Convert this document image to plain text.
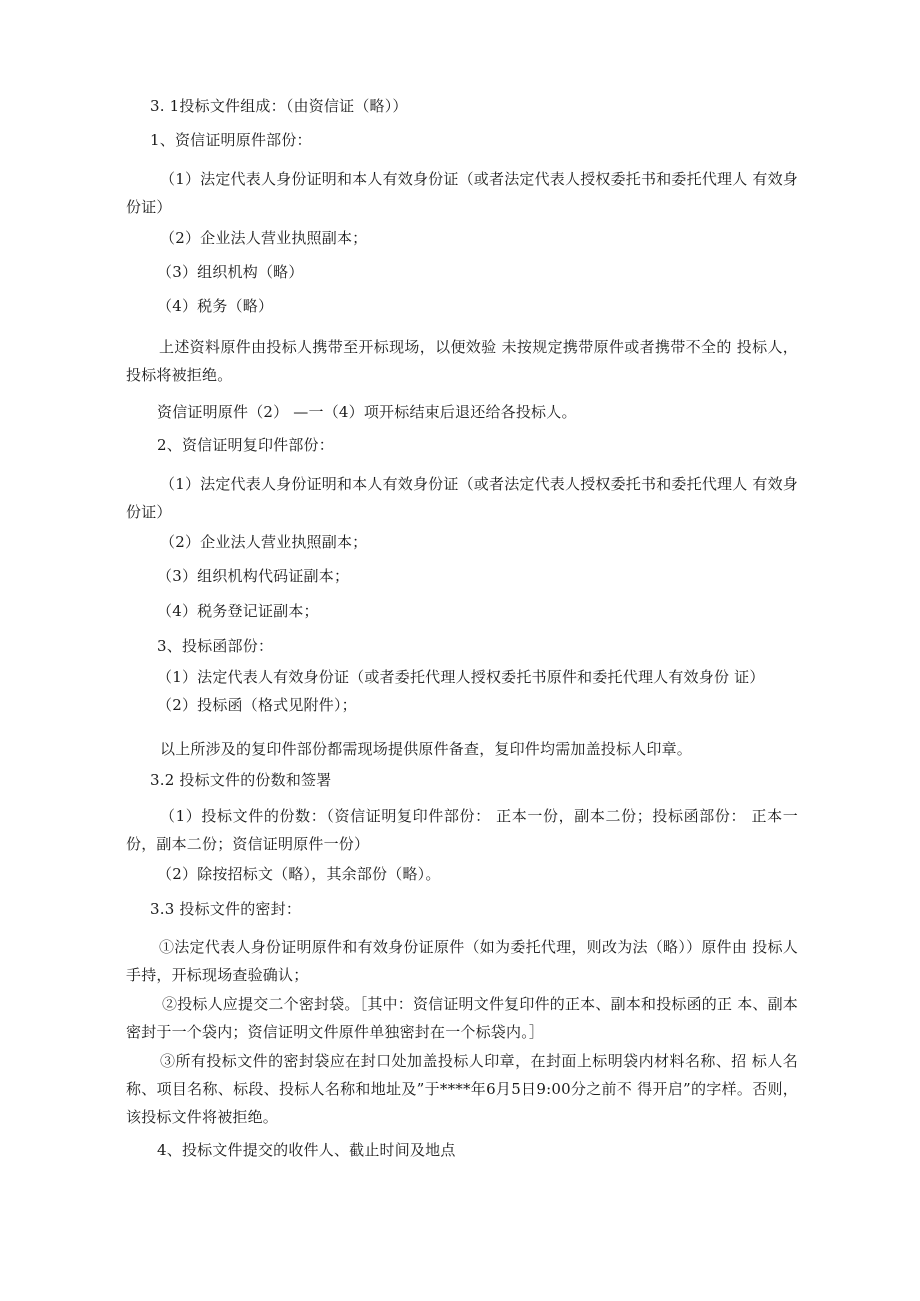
3. 1投标文件组成：（由资信证（略））
1、资信证明原件部份：
（1）法定代表人身份证明和本人有效身份证（或者法定代表人授权委托书和委托代理人 有效身份证）
（2）企业法人营业执照副本；
（3）组织机构（略）
（4）税务（略）
上述资料原件由投标人携带至开标现场，以便效验 未按规定携带原件或者携带不全的 投标人，投标将被拒绝。
资信证明原件（2） —一（4）项开标结束后退还给各投标人。
2、资信证明复印件部份：
（1）法定代表人身份证明和本人有效身份证（或者法定代表人授权委托书和委托代理人 有效身份证）
（2）企业法人营业执照副本；
（3）组织机构代码证副本；
（4）税务登记证副本；
3、投标函部份：
（1）法定代表人有效身份证（或者委托代理人授权委托书原件和委托代理人有效身份 证）
（2）投标函（格式见附件）；
以上所涉及的复印件部份都需现场提供原件备查，复印件均需加盖投标人印章。
3.2 投标文件的份数和签署
（1）投标文件的份数：（资信证明复印件部份： 正本一份，副本二份；投标函部份： 正本一份，副本二份；资信证明原件一份）
（2）除按招标文（略），其余部份（略）。
3.3 投标文件的密封：
①法定代表人身份证明原件和有效身份证原件（如为委托代理，则改为法（略））原件由 投标人手持，开标现场查验确认；
②投标人应提交二个密封袋。［其中：资信证明文件复印件的正本、副本和投标函的正 本、副本密封于一个袋内；资信证明文件原件单独密封在一个标袋内。］
③所有投标文件的密封袋应在封口处加盖投标人印章，在封面上标明袋内材料名称、招 标人名称、项目名称、标段、投标人名称和地址及”于****年6月5日9:00分之前不 得开启”的字样。否则，该投标文件将被拒绝。
4、投标文件提交的收件人、截止时间及地点
